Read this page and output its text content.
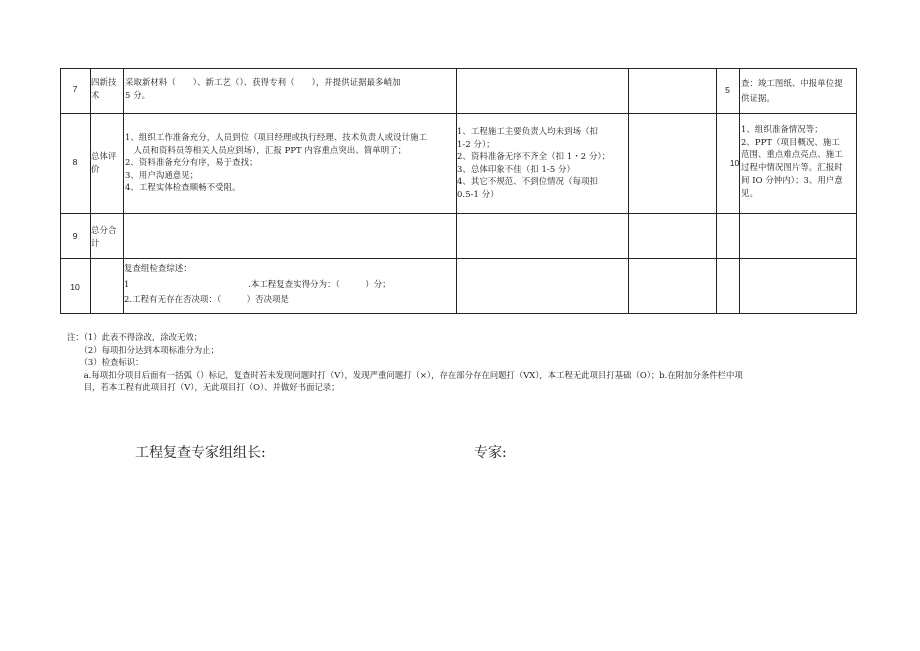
7
四新技
术
采取新材料（　　）、新工艺（）、获得专利（　　），并提供证据最多峭加
5 分。	5
查：竣工图纸、中报单位提
供证据。
8
总体评
价
1、组织工作准备充分，人员到位（项目经理或执行经理、技术负责人或设计施工
　人员和资料员等相关人员应到场），汇报 PPT 内容重点突出、简单明了；
2、资料准备充分有序，易于查找；
3、用户沟通意见；
4、工程实体检查顺畅不受阻。
1、工程施工主要负责人均未到场（扣
1-2 分）；
2、资料准备无序不齐全（扣 1・2 分）；
3、总体印象不佳（扣 1-5 分）
4、其它不规范、不到位情况（每项扣
0.5-1 分）
10
1、组织准备情况等；
2、PPT（项目概况、施工
范围、重点难点亮点、施工
过程中情况图片等。汇报时
间 IO 分钟内）；3、用户意
见。
9
总分合
计
10
复查组检查综述：
1　　　　　　　　　　　　　　.本工程复查实得分为：（　　　）分；
2.工程有无存在否决项：（　　　）否决项是
注：（1）此表不得涂改，涂改无效；
　　（2）每项扣分达到本项标准分为止；
　　（3）检查标识：
　　a.每项扣分项目后面有一括弧（）标记，复查时若未发现问题时打（V），发现严重问题打（×），存在部分存在问题打（VX），本工程无此项目打基础（O）；b.在附加分条件栏中项
　　目，若本工程有此项目打（V），无此项目打（O）、并做好书面记录；
工程复查专家组组长:	专家:
